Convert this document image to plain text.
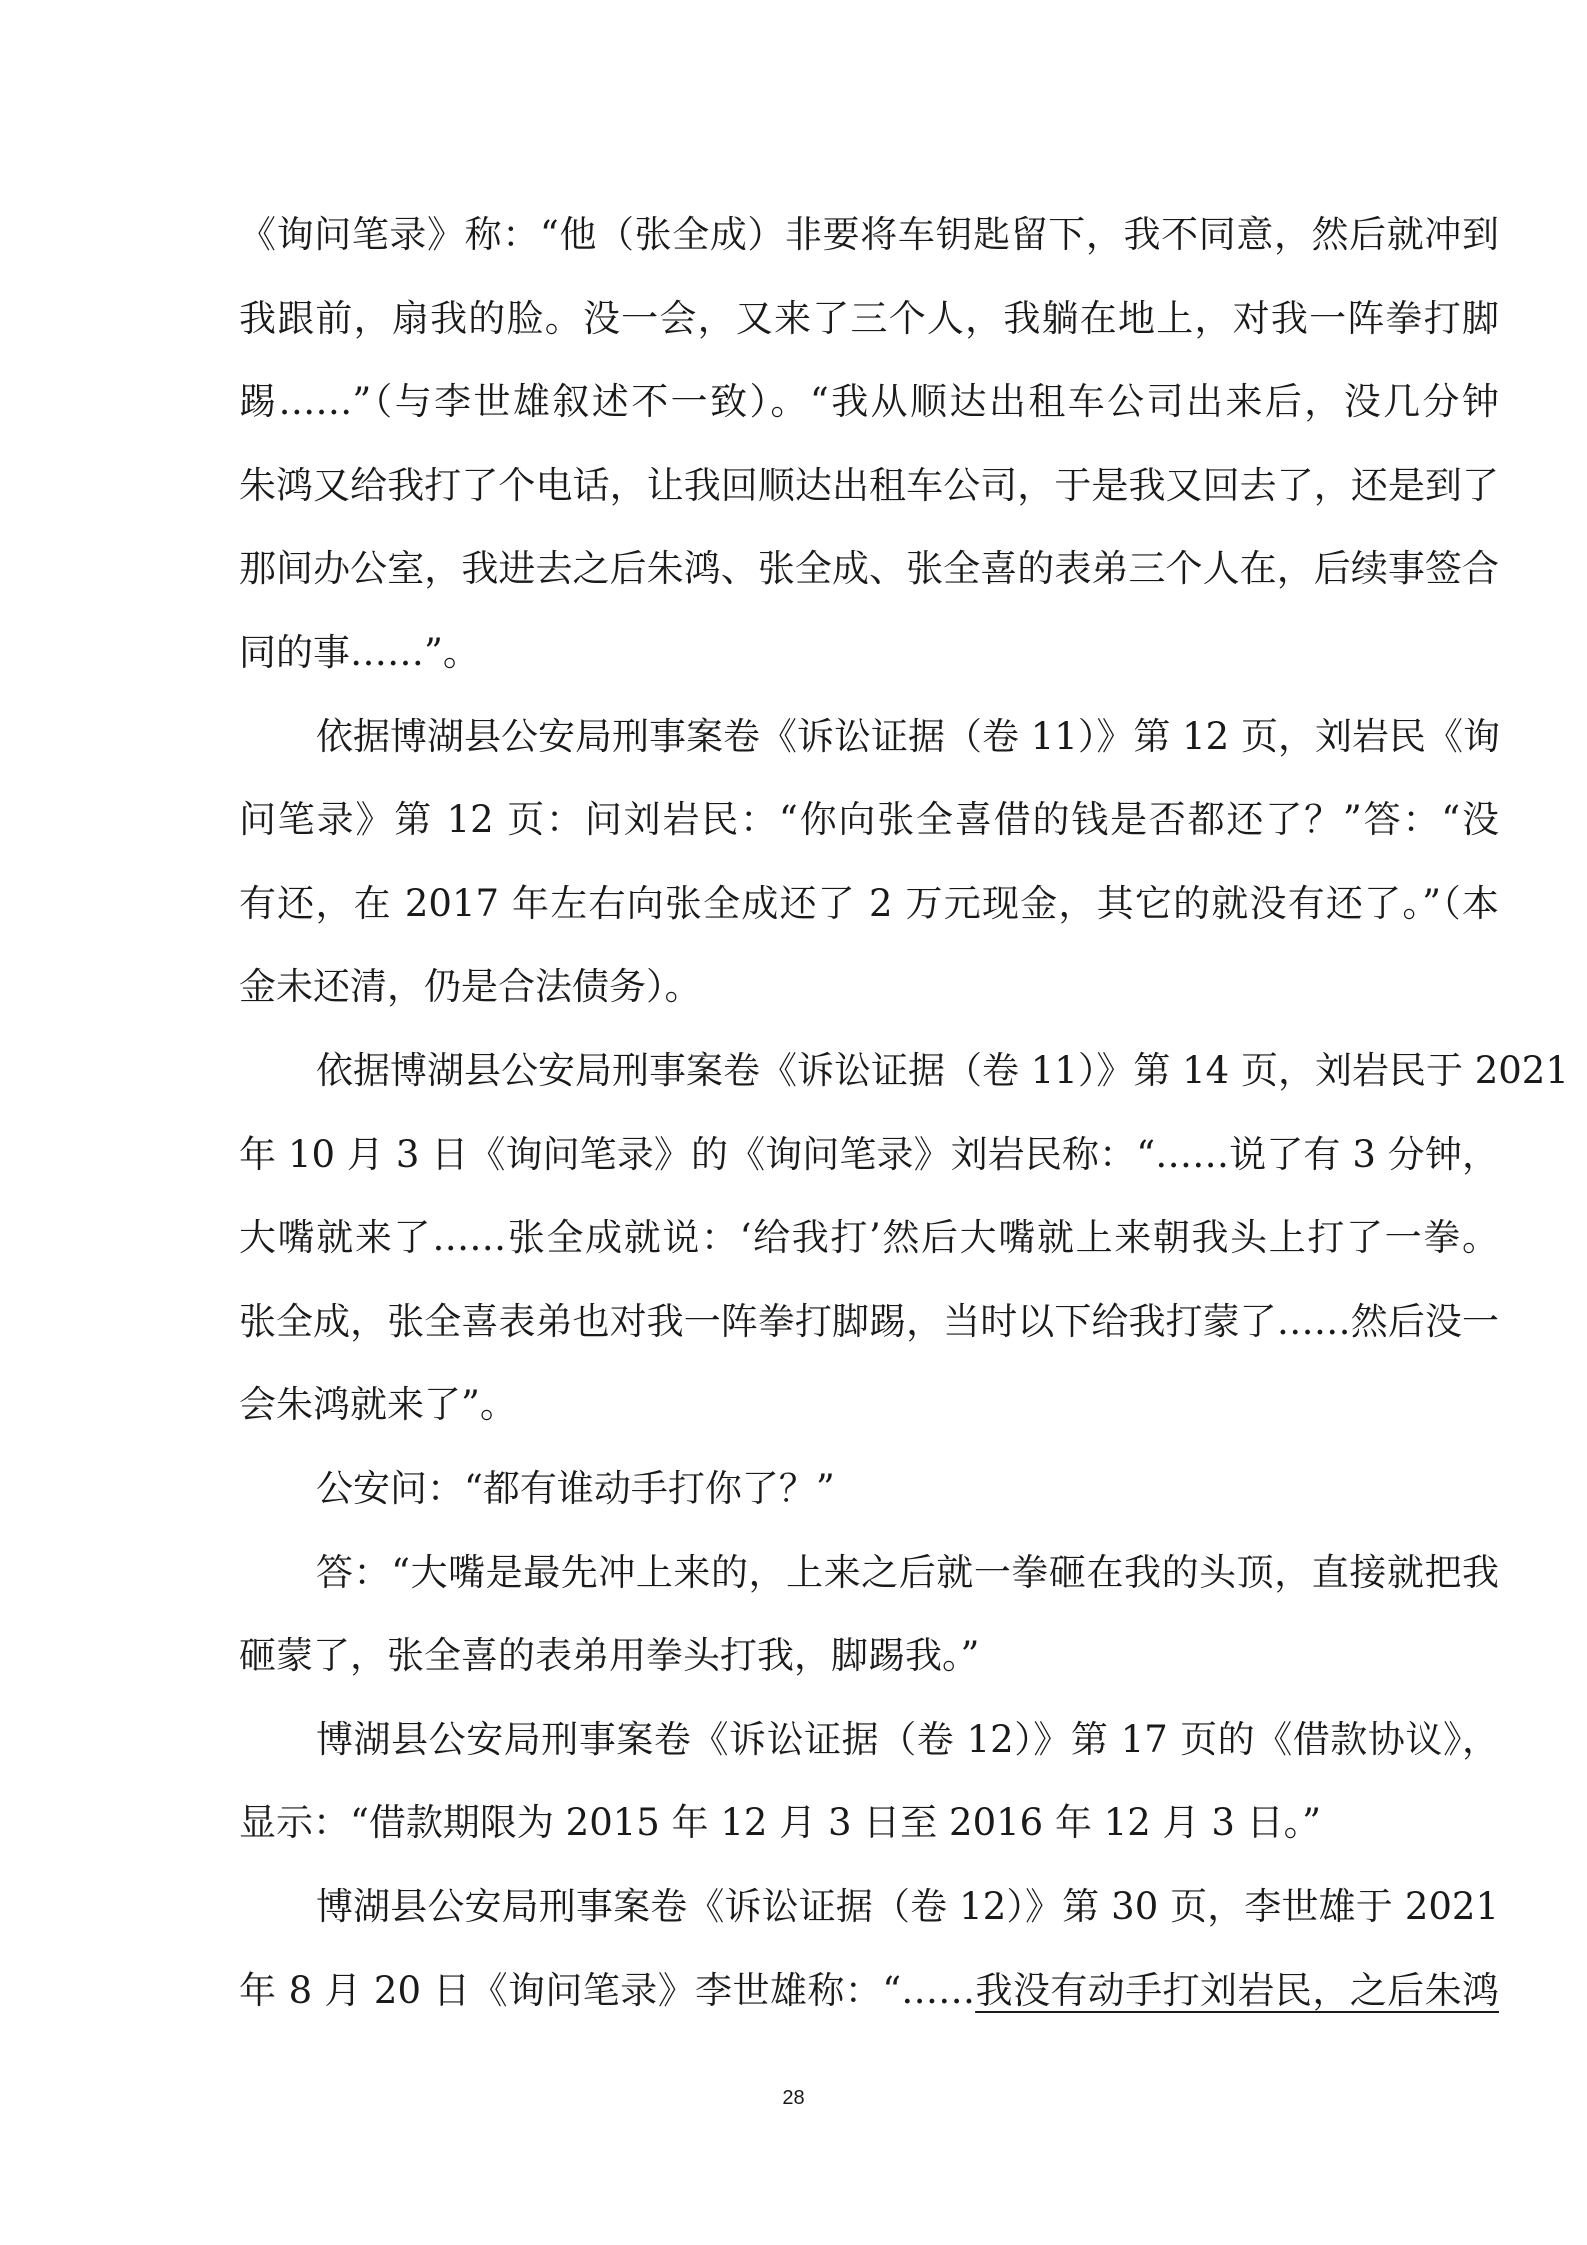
《询问笔录》称：“他（张全成）非要将车钥匙留下，我不同意，然后就冲到
我跟前，扇我的脸。没一会，又来了三个人，我躺在地上，对我一阵拳打脚
踢……”（与李世雄叙述不一致）。“我从顺达出租车公司出来后，没几分钟
朱鸿又给我打了个电话，让我回顺达出租车公司，于是我又回去了，还是到了
那间办公室，我进去之后朱鸿、张全成、张全喜的表弟三个人在，后续事签合
同的事……”。
依据博湖县公安局刑事案卷《诉讼证据（卷 11）》第 12 页，刘岩民《询
问笔录》第 12 页：问刘岩民：“你向张全喜借的钱是否都还了？”答：“没
有还，在 2017 年左右向张全成还了 2 万元现金，其它的就没有还了。”（本
金未还清，仍是合法债务）。
依据博湖县公安局刑事案卷《诉讼证据（卷 11）》第 14 页，刘岩民于 2021
年 10 月 3 日《询问笔录》的《询问笔录》刘岩民称：“……说了有 3 分钟，
大嘴就来了……张全成就说：‘给我打’然后大嘴就上来朝我头上打了一拳。
张全成，张全喜表弟也对我一阵拳打脚踢，当时以下给我打蒙了……然后没一
会朱鸿就来了”。
公安问：“都有谁动手打你了？”
答：“大嘴是最先冲上来的，上来之后就一拳砸在我的头顶，直接就把我
砸蒙了，张全喜的表弟用拳头打我，脚踢我。”
博湖县公安局刑事案卷《诉讼证据（卷 12）》第 17 页的《借款协议》，
显示：“借款期限为 2015 年 12 月 3 日至 2016 年 12 月 3 日。”
博湖县公安局刑事案卷《诉讼证据（卷 12）》第 30 页，李世雄于 2021
年 8 月 20 日《询问笔录》李世雄称：“……我没有动手打刘岩民，之后朱鸿
28
